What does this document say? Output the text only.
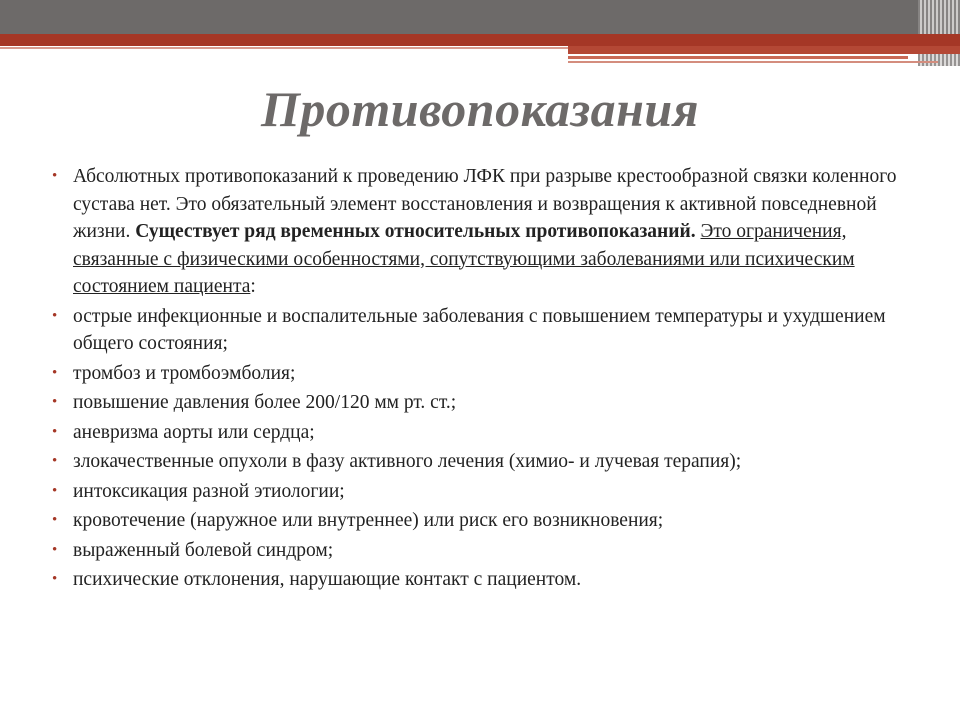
Противопоказания
• Абсолютных противопоказаний к проведению ЛФК при разрыве крестообразной связки коленного сустава нет. Это обязательный элемент восстановления и возвращения к активной повседневной жизни. Существует ряд временных относительных противопоказаний. Это ограничения, связанные с физическими особенностями, сопутствующими заболеваниями или психическим состоянием пациента:
• острые инфекционные и воспалительные заболевания с повышением температуры и ухудшением общего состояния;
• тромбоз и тромбоэмболия;
• повышение давления более 200/120 мм рт. ст.;
• аневризма аорты или сердца;
• злокачественные опухоли в фазу активного лечения (химио- и лучевая терапия);
• интоксикация разной этиологии;
• кровотечение (наружное или внутреннее) или риск его возникновения;
• выраженный болевой синдром;
• психические отклонения, нарушающие контакт с пациентом.
